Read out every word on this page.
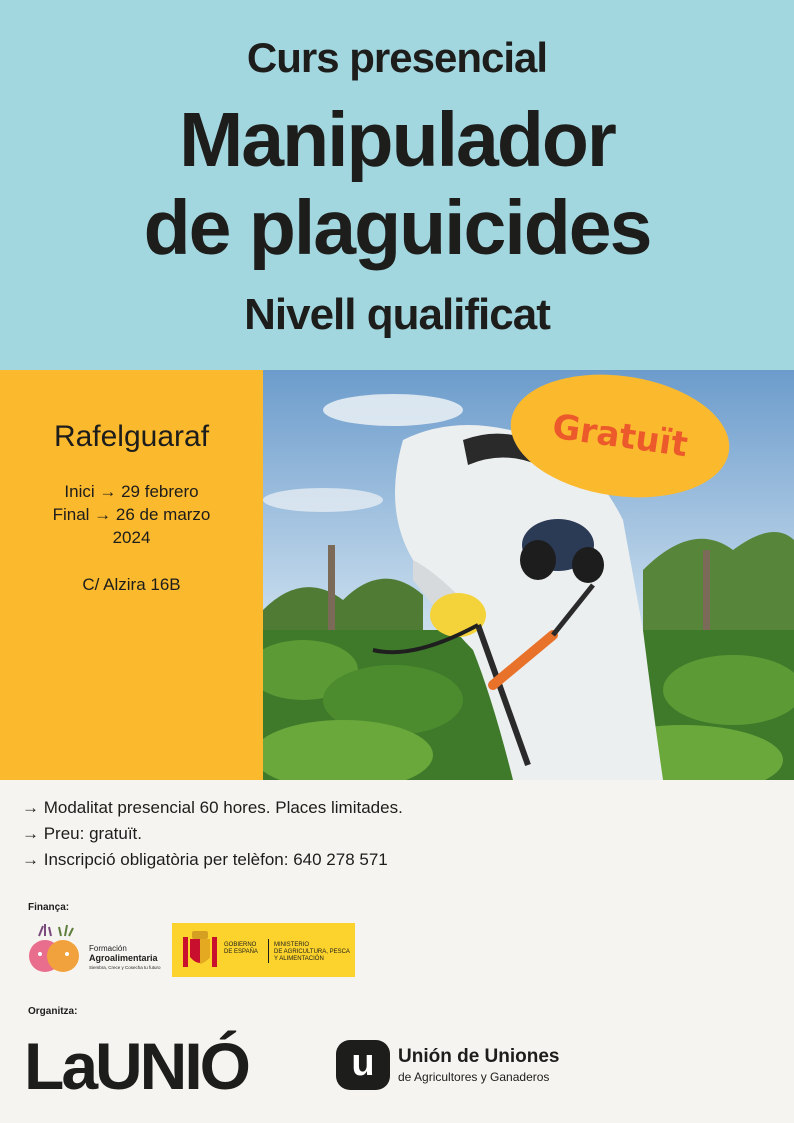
Curs presencial
Manipulador
de plaguicides
Nivell qualificat
Rafelguaraf
Inici → 29 febrero
Final → 26 de marzo
2024
C/ Alzira 16B
Gratuït
→ Modalitat presencial 60 hores. Places limitades.
→ Preu: gratuït.
→ Inscripció obligatòria per telèfon: 640 278 571
Finança:
Formación
Agroalimentaria
Siembra, Crece y Cosecha tu futuro
GOBIERNO
DE ESPAÑA
MINISTERIO
DE AGRICULTURA, PESCA
Y ALIMENTACIÓN
Organitza:
LaUNIÓ	u	Unión de Uniones
de Agricultores y Ganaderos
